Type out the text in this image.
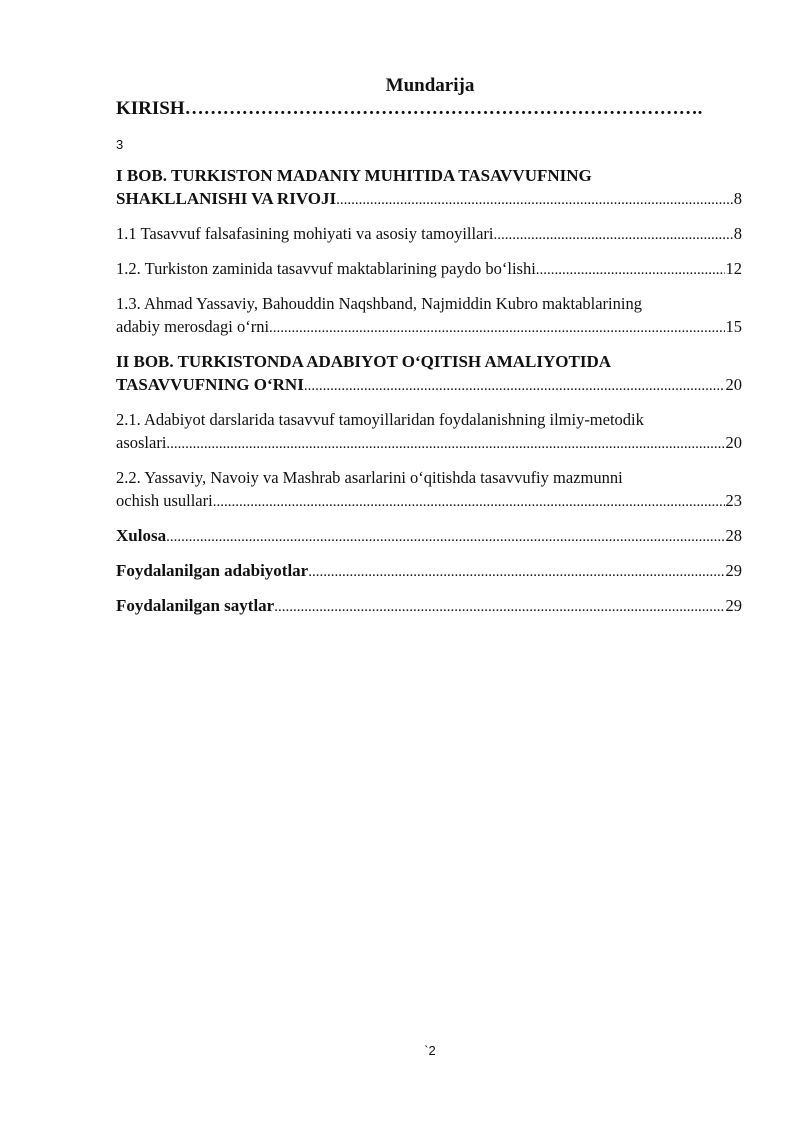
Mundarija
KIRISH……………………………………………………………………….
3
I BOB. TURKISTON MADANIY MUHITIDA TASAVVUFNING
SHAKLLANISHI VA RIVOJI .....	8
1.1 Tasavvuf falsafasining mohiyati va asosiy tamoyillari .....	8
1.2. Turkiston zaminida tasavvuf maktablarining paydo bo‘lishi .....	12
1.3. Ahmad Yassaviy, Bahouddin Naqshband, Najmiddin Kubro maktablarining
adabiy merosdagi o‘rni .....	15
II BOB. TURKISTONDA ADABIYOT O‘QITISH AMALIYOTIDA
TASAVVUFNING O‘RNI .....	20
2.1. Adabiyot darslarida tasavvuf tamoyillaridan foydalanishning ilmiy-metodik
asoslari .....	20
2.2. Yassaviy, Navoiy va Mashrab asarlarini o‘qitishda tasavvufiy mazmunni
ochish usullari .....	23
Xulosa .....	28
Foydalanilgan adabiyotlar .....	29
Foydalanilgan saytlar .....	29
`2
